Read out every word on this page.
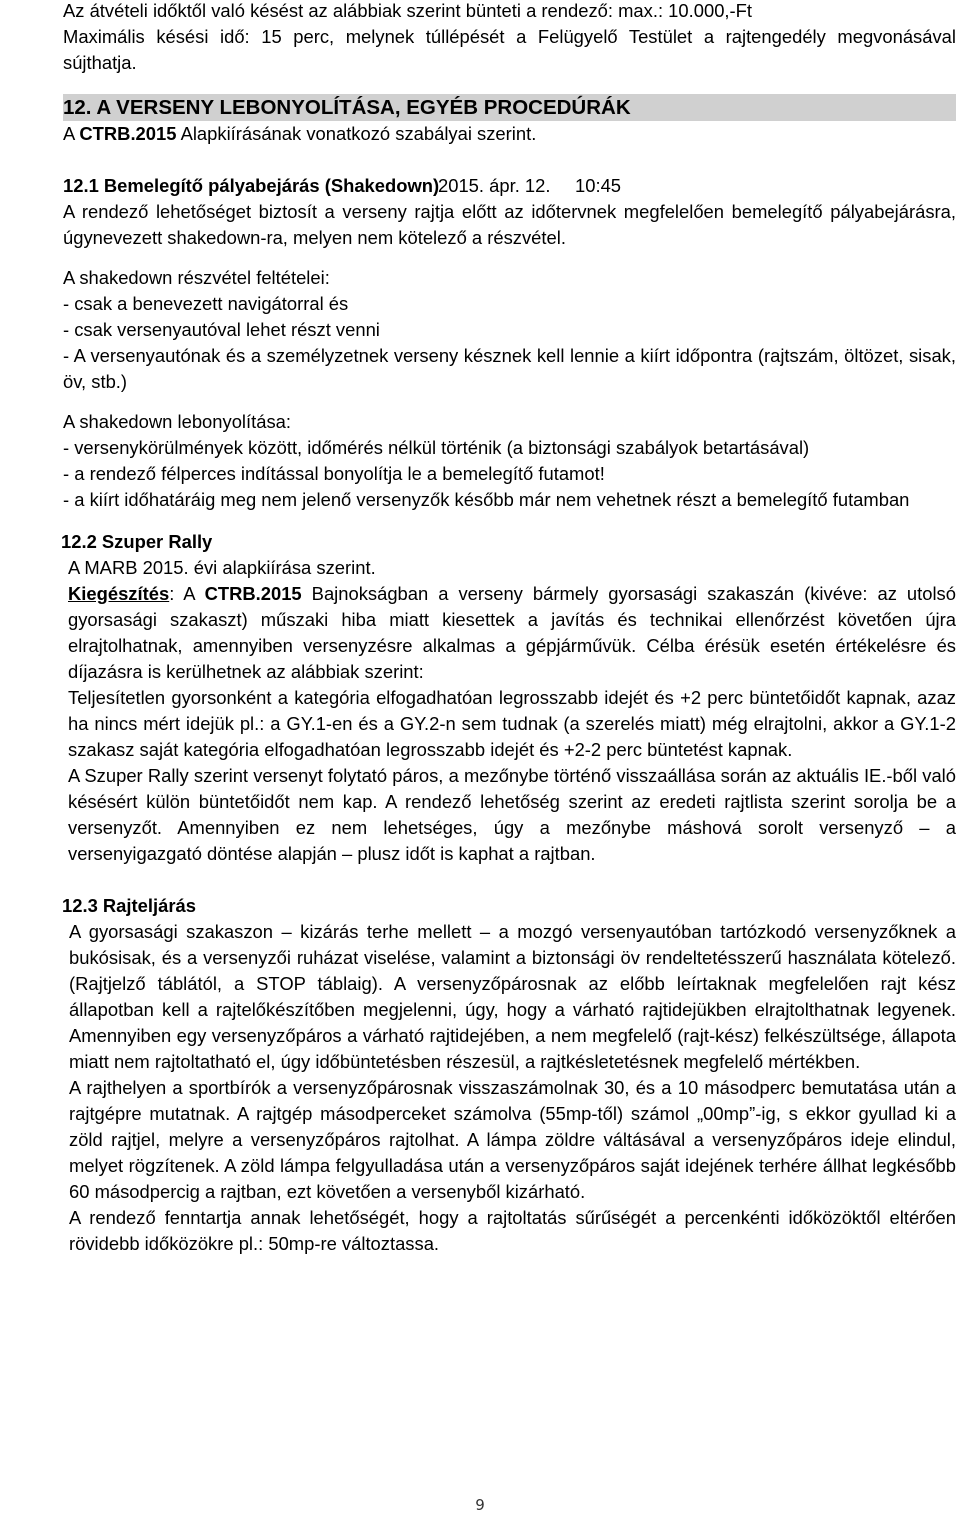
Az átvételi időktől való késést az alábbiak szerint bünteti a rendező: max.: 10.000,-Ft

Maximális késési idő: 15 perc, melynek túllépését a Felügyelő Testület a rajtengedély megvonásával sújthatja.

12. A VERSENY LEBONYOLÍTÁSA, EGYÉB PROCEDÚRÁK

A CTRB.2015 Alapkiírásának vonatkozó szabályai szerint.

12.1 Bemelegítő pályabejárás (Shakedown)
2015. ápr. 12.	10:45

A rendező lehetőséget biztosít a verseny rajtja előtt az időtervnek megfelelően bemelegítő pályabejárásra, úgynevezett shakedown-ra, melyen nem kötelező a részvétel.

A shakedown részvétel feltételei:

- csak a benevezett navigátorral és

- csak versenyautóval lehet részt venni

- A versenyautónak és a személyzetnek verseny késznek kell lennie a kiírt időpontra (rajtszám, öltözet, sisak, öv, stb.)

A shakedown lebonyolítása:

- versenykörülmények között, időmérés nélkül történik (a biztonsági szabályok betartásával)

- a rendező félperces indítással bonyolítja le a bemelegítő futamot!

- a kiírt időhatáráig meg nem jelenő versenyzők később már nem vehetnek részt a bemelegítő futamban

12.2 Szuper Rally

A MARB 2015. évi alapkiírása szerint.

Kiegészítés: A CTRB.2015 Bajnokságban a verseny bármely gyorsasági szakaszán (kivéve: az utolsó gyorsasági szakaszt) műszaki hiba miatt kiesettek a javítás és technikai ellenőrzést követően újra elrajtolhatnak, amennyiben versenyzésre alkalmas a gépjárművük. Célba érésük esetén értékelésre és díjazásra is kerülhetnek az alábbiak szerint:

Teljesítetlen gyorsonként a kategória elfogadhatóan legrosszabb idejét és +2 perc büntetőidőt kapnak, azaz ha nincs mért idejük pl.: a GY.1-en és a GY.2-n sem tudnak (a szerelés miatt) még elrajtolni, akkor a GY.1-2 szakasz saját kategória elfogadhatóan legrosszabb idejét és +2-2 perc büntetést kapnak.

A Szuper Rally szerint versenyt folytató páros, a mezőnybe történő visszaállása során az aktuális IE.-ből való késésért külön büntetőidőt nem kap. A rendező lehetőség szerint az eredeti rajtlista szerint sorolja be a versenyzőt. Amennyiben ez nem lehetséges, úgy a mezőnybe máshová sorolt versenyző – a versenyigazgató döntése alapján – plusz időt is kaphat a rajtban.

12.3 Rajteljárás

A gyorsasági szakaszon – kizárás terhe mellett – a mozgó versenyautóban tartózkodó versenyzőknek a bukósisak, és a versenyzői ruházat viselése, valamint a biztonsági öv rendeltetésszerű használata kötelező. (Rajtjelző táblától, a STOP táblaig). A versenyzőpárosnak az előbb leírtaknak megfelelően rajt kész állapotban kell a rajtelőkészítőben megjelenni, úgy, hogy a várható rajtidejükben elrajtolthatnak legyenek. Amennyiben egy versenyzőpáros a várható rajtidejében, a nem megfelelő (rajt-kész) felkészültsége, állapota miatt nem rajtoltatható el, úgy időbüntetésben részesül, a rajtkésletetésnek megfelelő mértékben.

A rajthelyen a sportbírók a versenyzőpárosnak visszaszámolnak 30, és a 10 másodperc bemutatása után a rajtgépre mutatnak. A rajtgép másodperceket számolva (55mp-től) számol „00mp”-ig, s ekkor gyullad ki a zöld rajtjel, melyre a versenyzőpáros rajtolhat. A lámpa zöldre váltásával a versenyzőpáros ideje elindul, melyet rögzítenek. A zöld lámpa felgyulladása után a versenyzőpáros saját idejének terhére állhat legkésőbb 60 másodpercig a rajtban, ezt követően a versenyből kizárható.

A rendező fenntartja annak lehetőségét, hogy a rajtoltatás sűrűségét a percenkénti időközöktől eltérően rövidebb időközökre pl.: 50mp-re változtassa.

9
